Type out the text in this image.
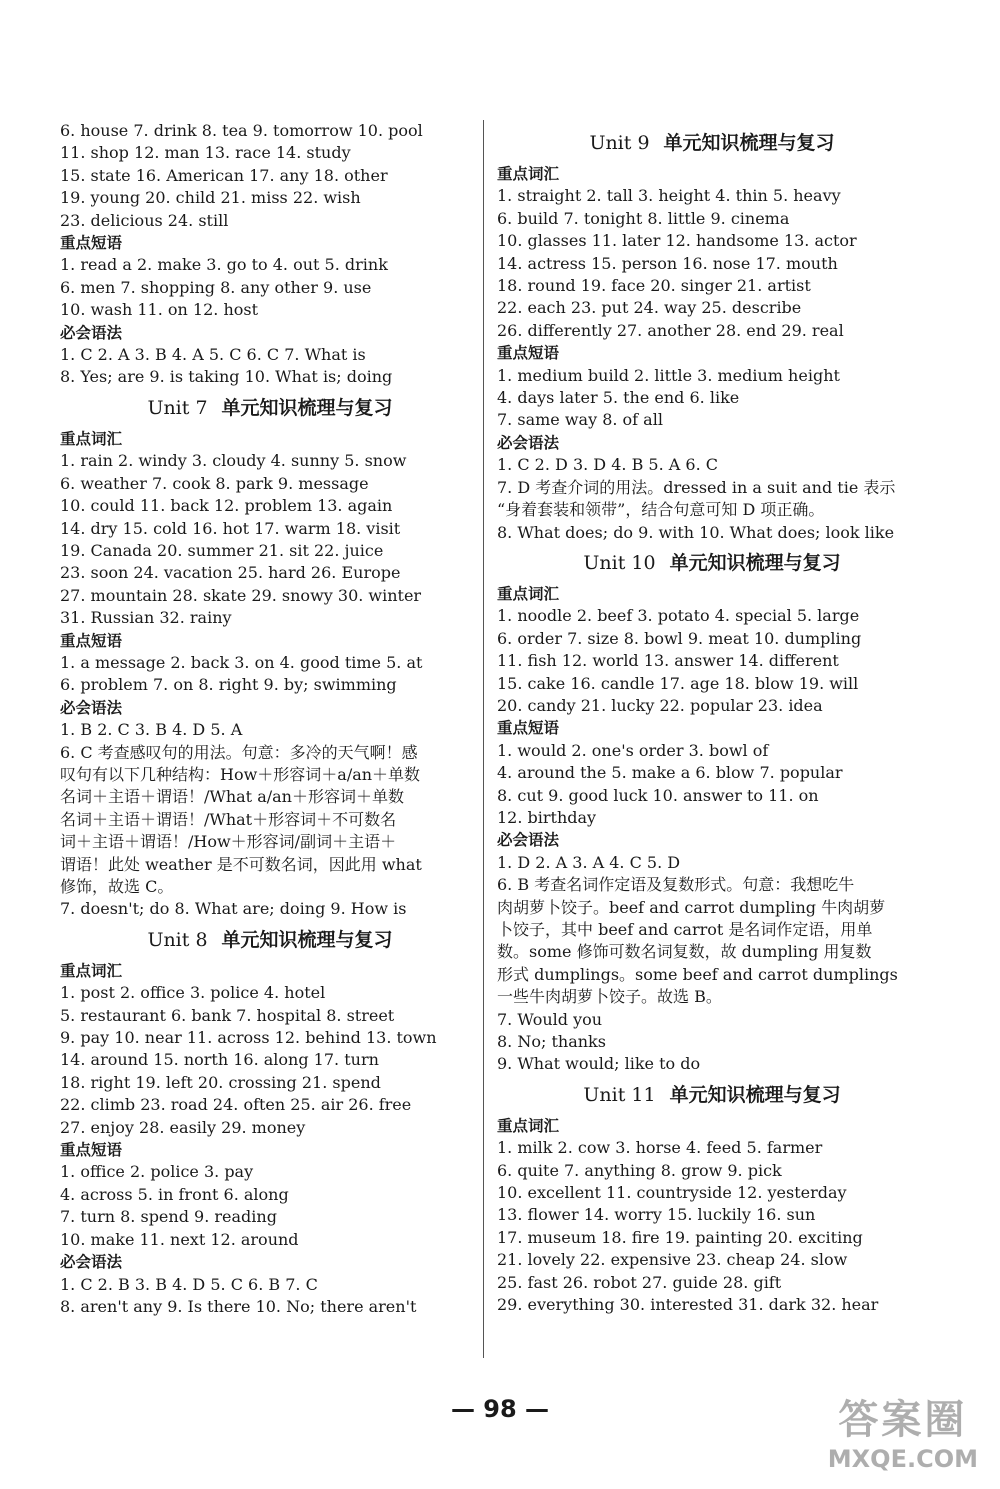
6. house 7. drink 8. tea 9. tomorrow 10. pool
11. shop 12. man 13. race 14. study
15. state 16. American 17. any 18. other
19. young 20. child 21. miss 22. wish
23. delicious 24. still
重点短语
1. read a 2. make 3. go to 4. out 5. drink
6. men 7. shopping 8. any other 9. use
10. wash 11. on 12. host
必会语法
1. C 2. A 3. B 4. A 5. C 6. C 7. What is
8. Yes; are 9. is taking 10. What is; doing
Unit 7 单元知识梳理与复习
重点词汇
1. rain 2. windy 3. cloudy 4. sunny 5. snow
6. weather 7. cook 8. park 9. message
10. could 11. back 12. problem 13. again
14. dry 15. cold 16. hot 17. warm 18. visit
19. Canada 20. summer 21. sit 22. juice
23. soon 24. vacation 25. hard 26. Europe
27. mountain 28. skate 29. snowy 30. winter
31. Russian 32. rainy
重点短语
1. a message 2. back 3. on 4. good time 5. at
6. problem 7. on 8. right 9. by; swimming
必会语法
1. B 2. C 3. B 4. D 5. A
6. C 考查感叹句的用法。句意：多冷的天气啊！感
叹句有以下几种结构：How＋形容词＋a/an＋单数
名词＋主语＋谓语！/What a/an＋形容词＋单数
名词＋主语＋谓语！/What＋形容词＋不可数名
词＋主语＋谓语！/How＋形容词/副词＋主语＋
谓语！此处 weather 是不可数名词，因此用 what
修饰，故选 C。
7. doesn't; do 8. What are; doing 9. How is
Unit 8 单元知识梳理与复习
重点词汇
1. post 2. office 3. police 4. hotel
5. restaurant 6. bank 7. hospital 8. street
9. pay 10. near 11. across 12. behind 13. town
14. around 15. north 16. along 17. turn
18. right 19. left 20. crossing 21. spend
22. climb 23. road 24. often 25. air 26. free
27. enjoy 28. easily 29. money
重点短语
1. office 2. police 3. pay
4. across 5. in front 6. along
7. turn 8. spend 9. reading
10. make 11. next 12. around
必会语法
1. C 2. B 3. B 4. D 5. C 6. B 7. C
8. aren't any 9. Is there 10. No; there aren't
Unit 9 单元知识梳理与复习
重点词汇
1. straight 2. tall 3. height 4. thin 5. heavy
6. build 7. tonight 8. little 9. cinema
10. glasses 11. later 12. handsome 13. actor
14. actress 15. person 16. nose 17. mouth
18. round 19. face 20. singer 21. artist
22. each 23. put 24. way 25. describe
26. differently 27. another 28. end 29. real
重点短语
1. medium build 2. little 3. medium height
4. days later 5. the end 6. like
7. same way 8. of all
必会语法
1. C 2. D 3. D 4. B 5. A 6. C
7. D 考查介词的用法。dressed in a suit and tie 表示
“身着套装和领带”，结合句意可知 D 项正确。
8. What does; do 9. with 10. What does; look like
Unit 10 单元知识梳理与复习
重点词汇
1. noodle 2. beef 3. potato 4. special 5. large
6. order 7. size 8. bowl 9. meat 10. dumpling
11. fish 12. world 13. answer 14. different
15. cake 16. candle 17. age 18. blow 19. will
20. candy 21. lucky 22. popular 23. idea
重点短语
1. would 2. one's order 3. bowl of
4. around the 5. make a 6. blow 7. popular
8. cut 9. good luck 10. answer to 11. on
12. birthday
必会语法
1. D 2. A 3. A 4. C 5. D
6. B 考查名词作定语及复数形式。句意：我想吃牛
肉胡萝卜饺子。beef and carrot dumpling 牛肉胡萝
卜饺子，其中 beef and carrot 是名词作定语，用单
数。some 修饰可数名词复数，故 dumpling 用复数
形式 dumplings。some beef and carrot dumplings
一些牛肉胡萝卜饺子。故选 B。
7. Would you
8. No; thanks
9. What would; like to do
Unit 11 单元知识梳理与复习
重点词汇
1. milk 2. cow 3. horse 4. feed 5. farmer
6. quite 7. anything 8. grow 9. pick
10. excellent 11. countryside 12. yesterday
13. flower 14. worry 15. luckily 16. sun
17. museum 18. fire 19. painting 20. exciting
21. lovely 22. expensive 23. cheap 24. slow
25. fast 26. robot 27. guide 28. gift
29. everything 30. interested 31. dark 32. hear
— 98 —	答案圈
MXQE.COM
